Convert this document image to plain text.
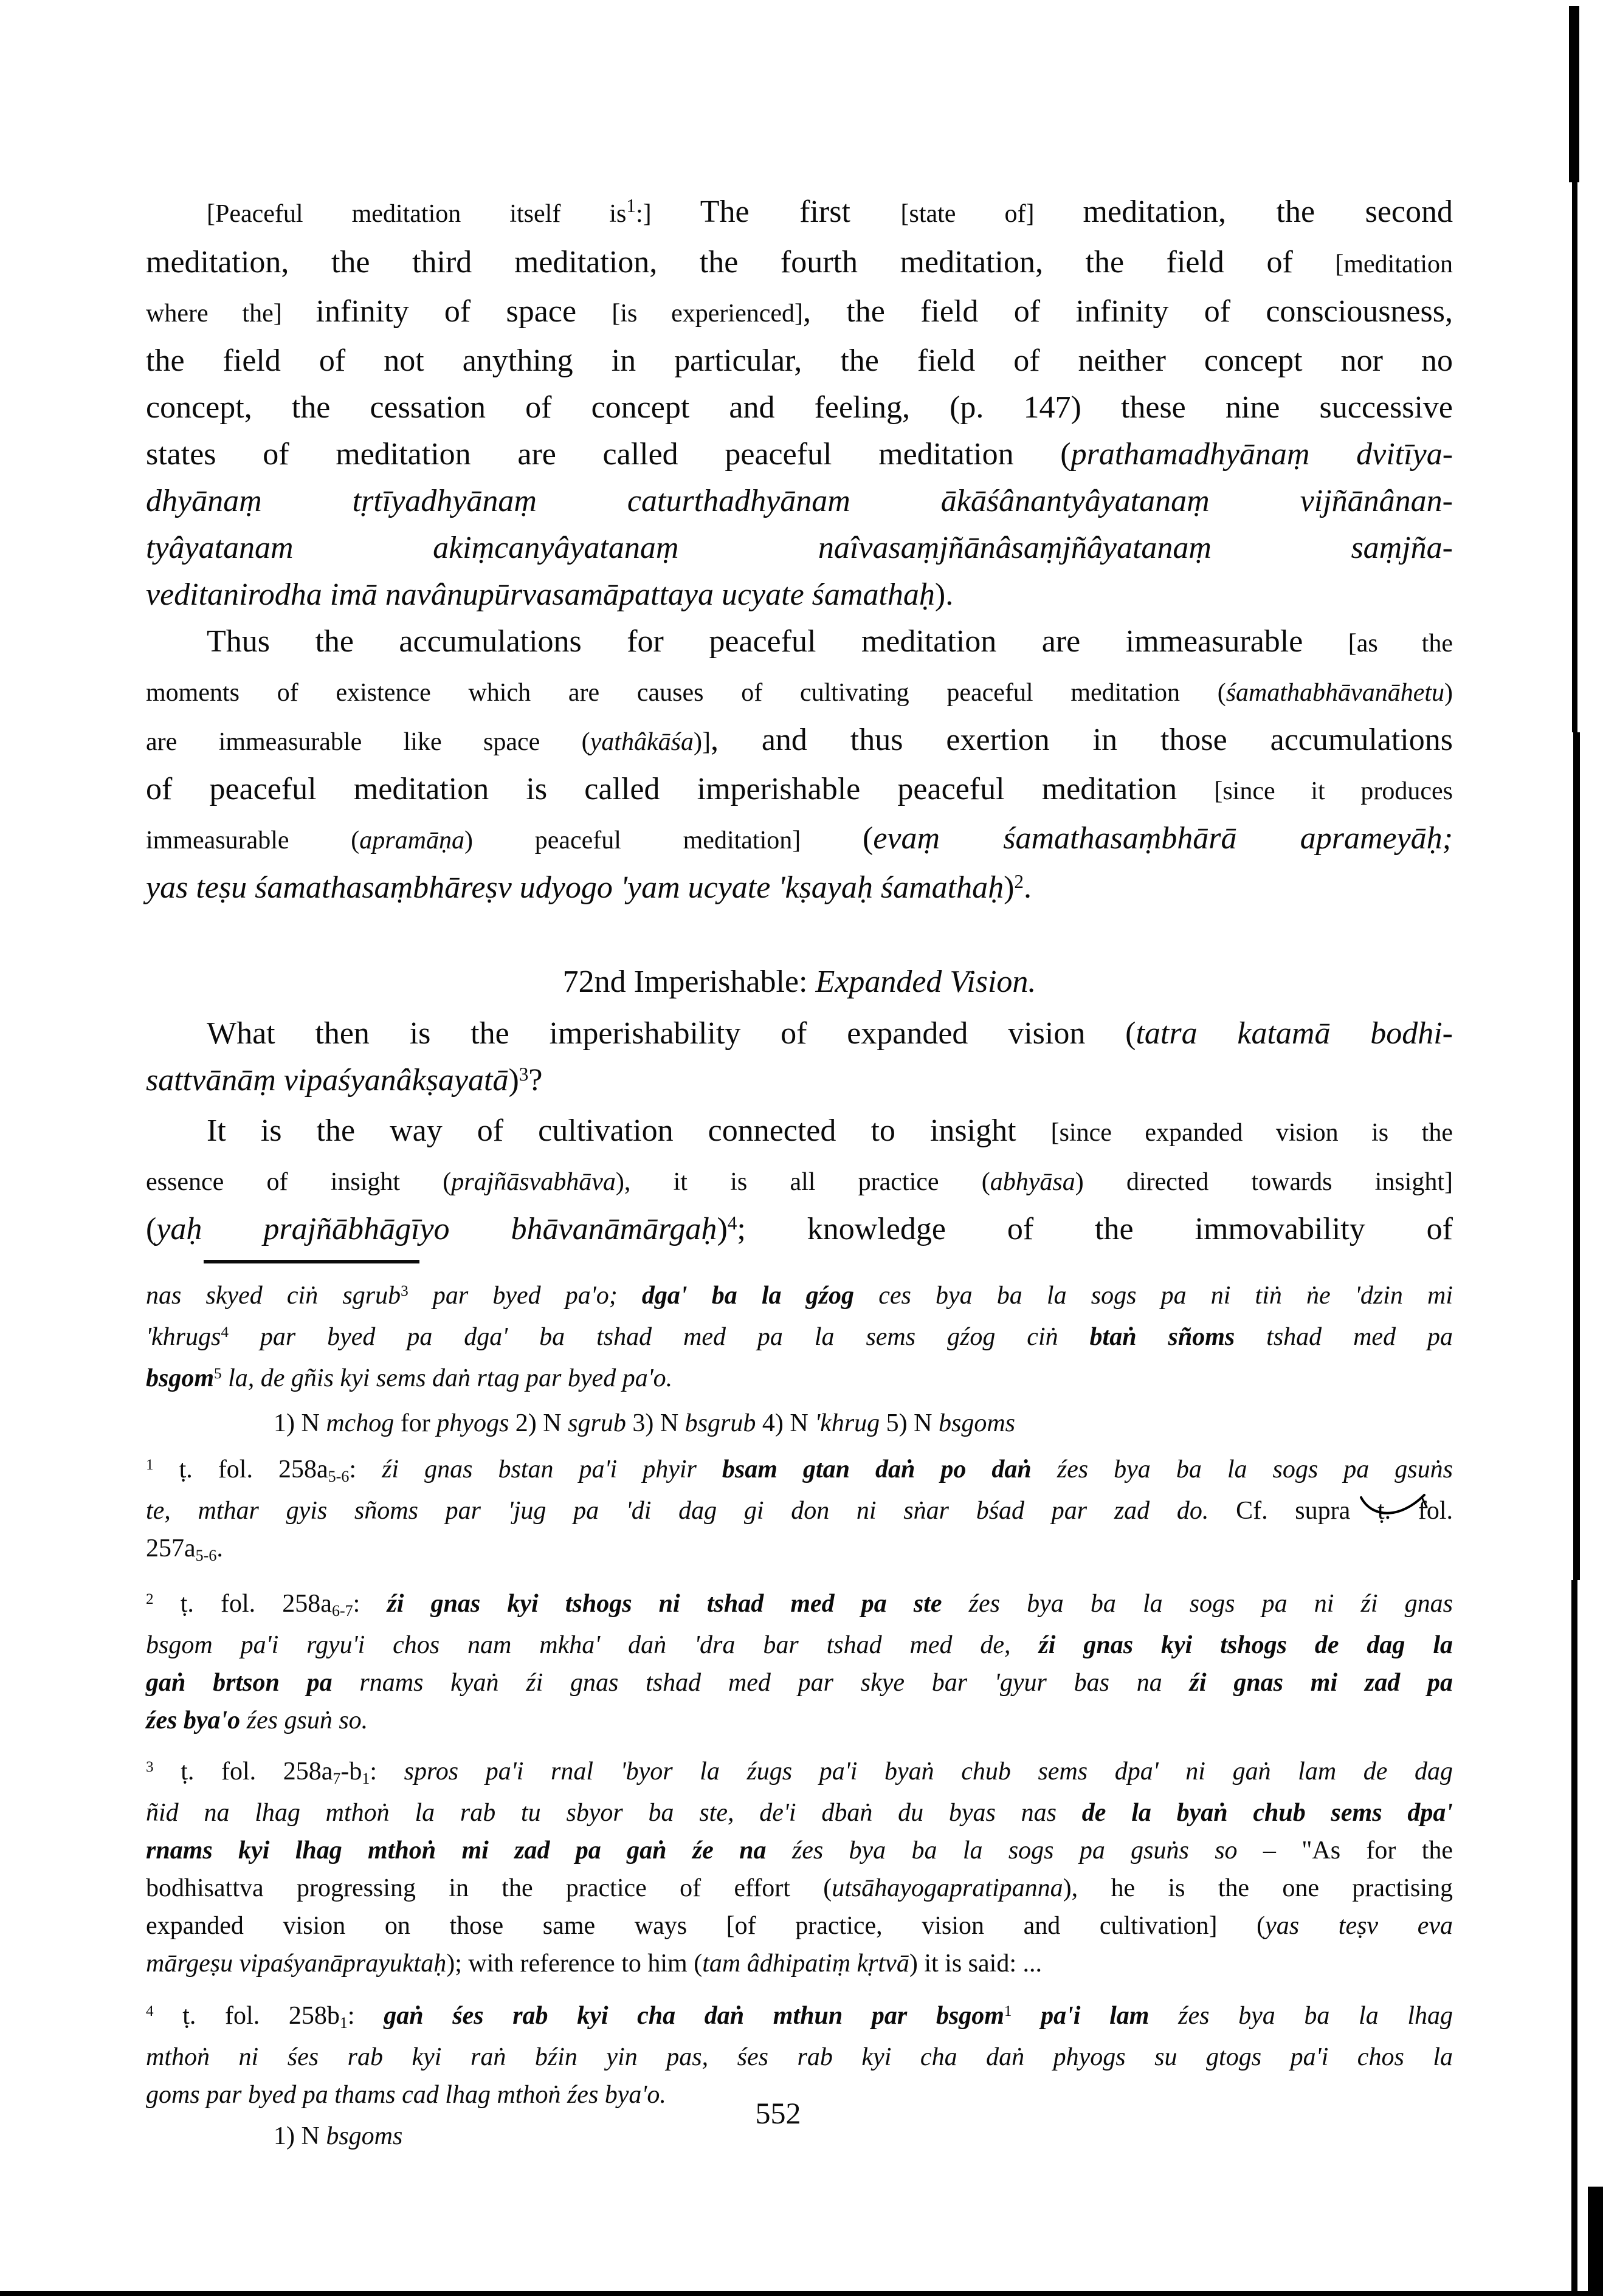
[Peaceful meditation itself $is^1$:] The first [state of] meditation, the second
meditation, the third meditation, the fourth meditation, the field of [meditation
where the] infinity of space [is experienced], the field of infinity of consciousness,
the field of not anything in particular, the field of neither concept nor no
concept, the cessation of concept and feeling, (p. 147) these nine successive
states of meditation are called peaceful meditation (prathamadhyānaṃ dvitīya-
dhyānaṃ tṛtīyadhyānaṃ caturthadhyānam ākāśânantyâyatanaṃ vijñānânan-
tyâyatanam akiṃcanyâyatanaṃ naîvasaṃjñānâsaṃjñâyatanaṃ saṃjña-
veditanirodha imā navânupūrvasamāpattaya ucyate śamathaḥ).
Thus the accumulations for peaceful meditation are immeasurable [as the
moments of existence which are causes of cultivating peaceful meditation (śamathabhāvanāhetu)
are immeasurable like space (yathâkāśa)], and thus exertion in those accumulations
of peaceful meditation is called imperishable peaceful meditation [since it produces
immeasurable (apramāṇa) peaceful meditation] (evaṃ śamathasaṃbhārā aprameyāḥ;
yas teṣu śamathasaṃbhāreṣv udyogo 'yam ucyate 'kṣayaḥ śamathaḥ)$^2$.
72nd Imperishable: Expanded Vision.
What then is the imperishability of expanded vision (tatra katamā bodhi-
sattvānāṃ vipaśyanâkṣayatā)$^3$?
It is the way of cultivation connected to insight [since expanded vision is the
essence of insight (prajñāsvabhāva), it is all practice (abhyāsa) directed towards insight]
(yaḥ prajñābhāgīyo bhāvanāmārgaḥ)$^4$; knowledge of the immovability of
nas skyed ciṅ sgrub$^3$ par byed pa'o; dga' ba la gźog ces bya ba la sogs pa ni tiṅ ṅe 'dzin mi
'khrugs$^4$ par byed pa dga' ba tshad med pa la sems gźog ciṅ btaṅ sñoms tshad med pa
bsgom$^5$ la, de gñis kyi sems daṅ rtag par byed pa'o.
1) N mchog for phyogs 2) N sgrub 3) N bsgrub 4) N 'khrug 5) N bsgoms
$^1$ ṭ. fol. 258a5-6: źi gnas bstan pa'i phyir bsam gtan daṅ po daṅ źes bya ba la sogs pa gsuṅs
te, mthar gyis sñoms par 'jug pa 'di dag gi don ni sṅar bśad par zad do. Cf. supra ṭ. fol.
257a5-6.
$^2$ ṭ. fol. 258a6-7: źi gnas kyi tshogs ni tshad med pa ste źes bya ba la sogs pa ni źi gnas
bsgom pa'i rgyu'i chos nam mkha' daṅ 'dra bar tshad med de, źi gnas kyi tshogs de dag la
gaṅ brtson pa rnams kyaṅ źi gnas tshad med par skye bar 'gyur bas na źi gnas mi zad pa
źes bya'o źes gsuṅ so.
$^3$ ṭ. fol. 258a7-b1: spros pa'i rnal 'byor la źugs pa'i byaṅ chub sems dpa' ni gaṅ lam de dag
ñid na lhag mthoṅ la rab tu sbyor ba ste, de'i dbaṅ du byas nas de la byaṅ chub sems dpa'
rnams kyi lhag mthoṅ mi zad pa gaṅ źe na źes bya ba la sogs pa gsuṅs so – "As for the
bodhisattva progressing in the practice of effort (utsāhayogapratipanna), he is the one practising
expanded vision on those same ways [of practice, vision and cultivation] (yas teṣv eva
mārgeṣu vipaśyanāprayuktaḥ); with reference to him (tam âdhipatiṃ kṛtvā) it is said: ...
$^4$ ṭ. fol. 258b1: gaṅ śes rab kyi cha daṅ mthun par bsgom$^1$ pa'i lam źes bya ba la lhag
mthoṅ ni śes rab kyi raṅ bźin yin pas, śes rab kyi cha daṅ phyogs su gtogs pa'i chos la
goms par byed pa thams cad lhag mthoṅ źes bya'o.
1) N bsgoms
552
